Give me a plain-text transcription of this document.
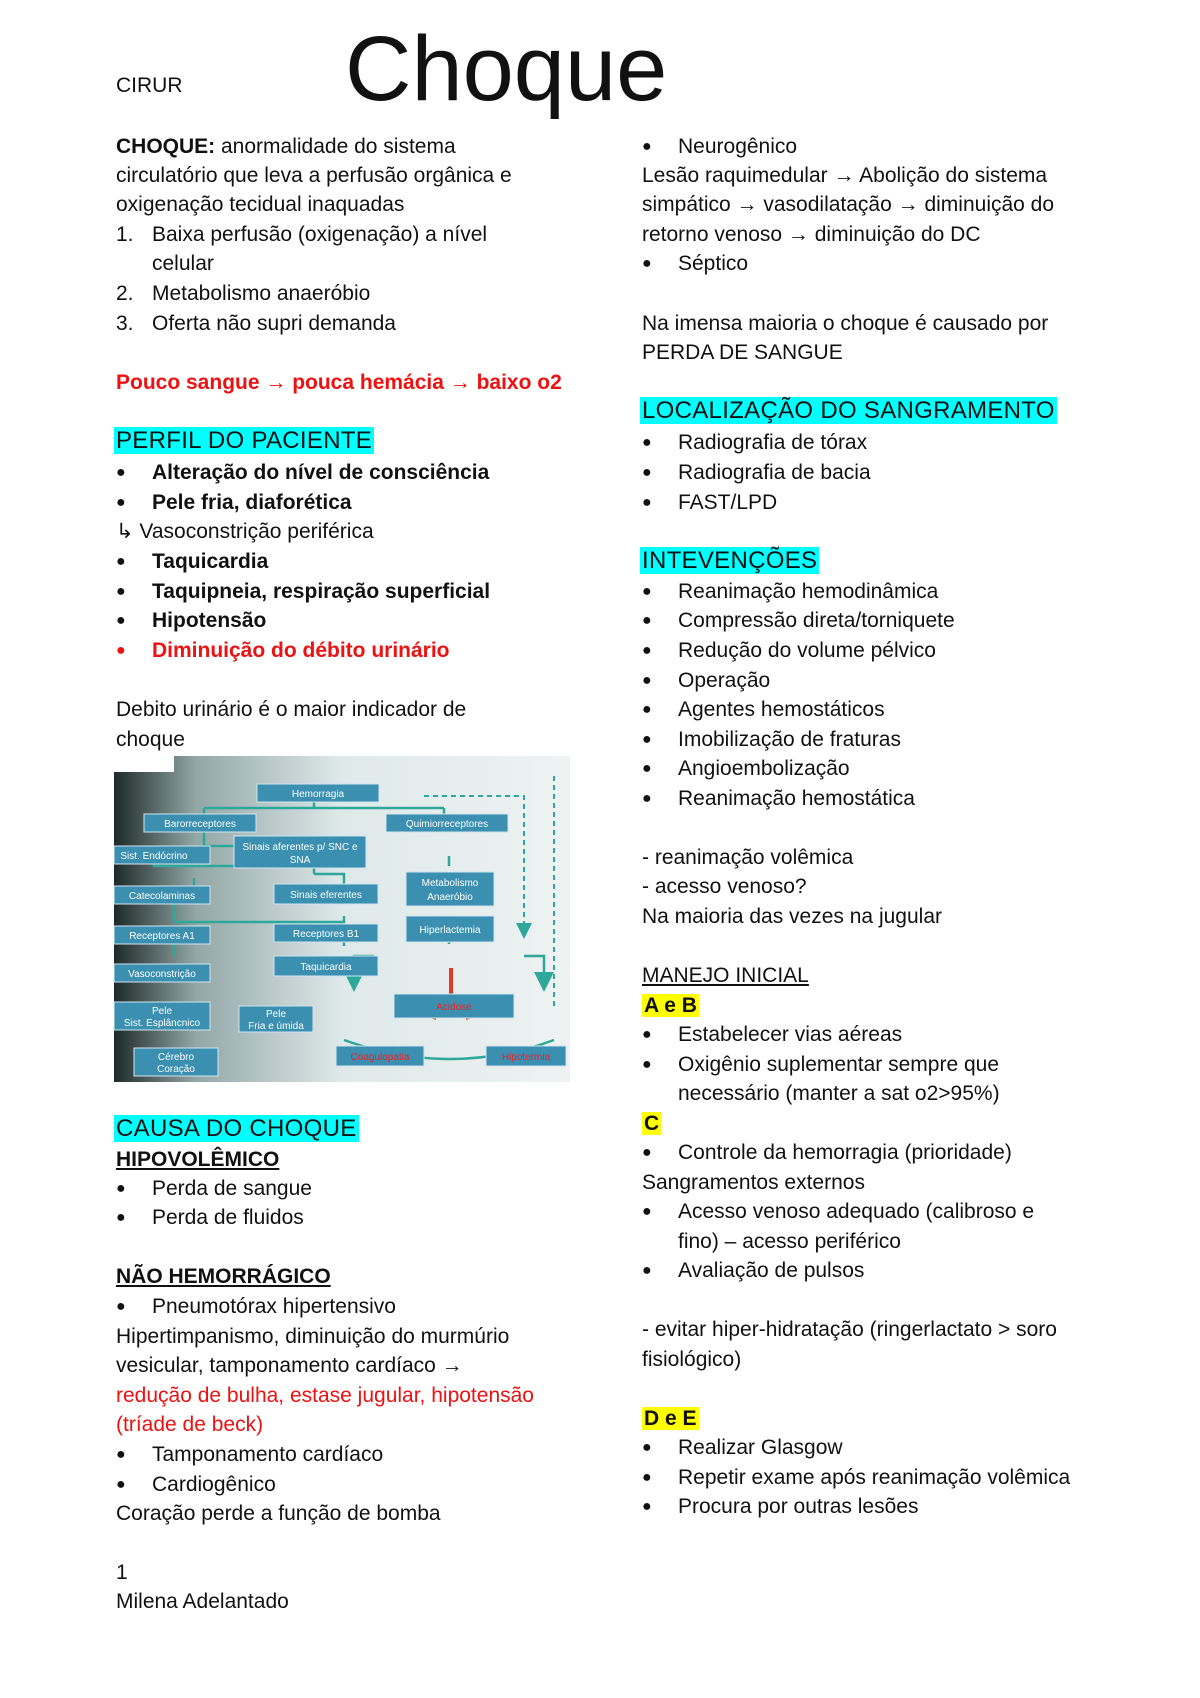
CIRUR Choque
CHOQUE: anormalidade do sistema
circulatório que leva a perfusão orgânica e
oxigenação tecidual inaquadas
1. Baixa perfusão (oxigenação) a nível
celular
2. Metabolismo anaeróbio
3. Oferta não supri demanda
Pouco sangue → pouca hemácia → baixo o2
PERFIL DO PACIENTE
● Alteração do nível de consciência
● Pele fria, diaforética
↳ Vasoconstrição periférica
● Taquicardia
● Taquipneia, respiração superficial
● Hipotensão
● Diminuição do débito urinário
Debito urinário é o maior indicador de
choque
Hemorragia
Barorreceptores	Quimiorreceptores
Sinais aferentes p/ SNC e
SNA
Sist. Endócrino
Catecolaminas	Sinais eferentes
Metabolismo
Anaeróbio
Receptores A1	Receptores B1	Hiperlactemia
Vasoconstrição
Taquicardia
Acidose
Pele
Sist. Esplâncnico
Pele
Fria e úmida
Cérebro
Coração
Coagulopatia	Hipotermia
CAUSA DO CHOQUE
HIPOVOLÊMICO
● Perda de sangue
● Perda de fluidos
NÃO HEMORRÁGICO
● Pneumotórax hipertensivo
Hipertimpanismo, diminuição do murmúrio
vesicular, tamponamento cardíaco →
redução de bulha, estase jugular, hipotensão
(tríade de beck)
● Tamponamento cardíaco
● Cardiogênico
Coração perde a função de bomba
● Neurogênico
Lesão raquimedular → Abolição do sistema
simpático → vasodilatação → diminuição do
retorno venoso → diminuição do DC
● Séptico
Na imensa maioria o choque é causado por
PERDA DE SANGUE
LOCALIZAÇÃO DO SANGRAMENTO
● Radiografia de tórax
● Radiografia de bacia
● FAST/LPD
INTEVENÇÕES
● Reanimação hemodinâmica
● Compressão direta/torniquete
● Redução do volume pélvico
● Operação
● Agentes hemostáticos
● Imobilização de fraturas
● Angioembolização
● Reanimação hemostática
- reanimação volêmica
- acesso venoso?
Na maioria das vezes na jugular
MANEJO INICIAL
A e B
● Estabelecer vias aéreas
● Oxigênio suplementar sempre que
necessário (manter a sat o2>95%)
C
● Controle da hemorragia (prioridade)
Sangramentos externos
● Acesso venoso adequado (calibroso e
fino) – acesso periférico
● Avaliação de pulsos
- evitar hiper-hidratação (ringerlactato > soro
fisiológico)
D e E
● Realizar Glasgow
● Repetir exame após reanimação volêmica
● Procura por outras lesões
1
Milena Adelantado
